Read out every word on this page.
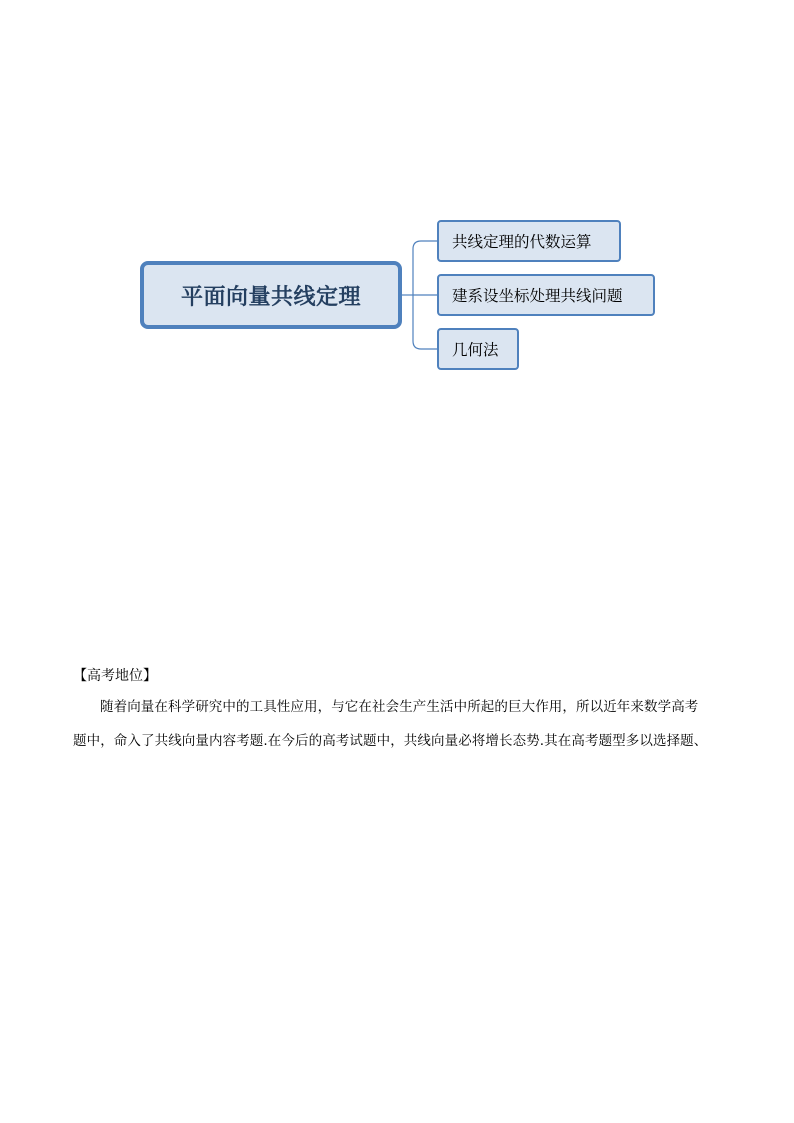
平面向量共线定理
共线定理的代数运算
建系设坐标处理共线问题
几何法
【高考地位】
随着向量在科学研究中的工具性应用，与它在社会生产生活中所起的巨大作用，所以近年来数学高考
题中，命入了共线向量内容考题.在今后的高考试题中，共线向量必将增长态势.其在高考题型多以选择题、
